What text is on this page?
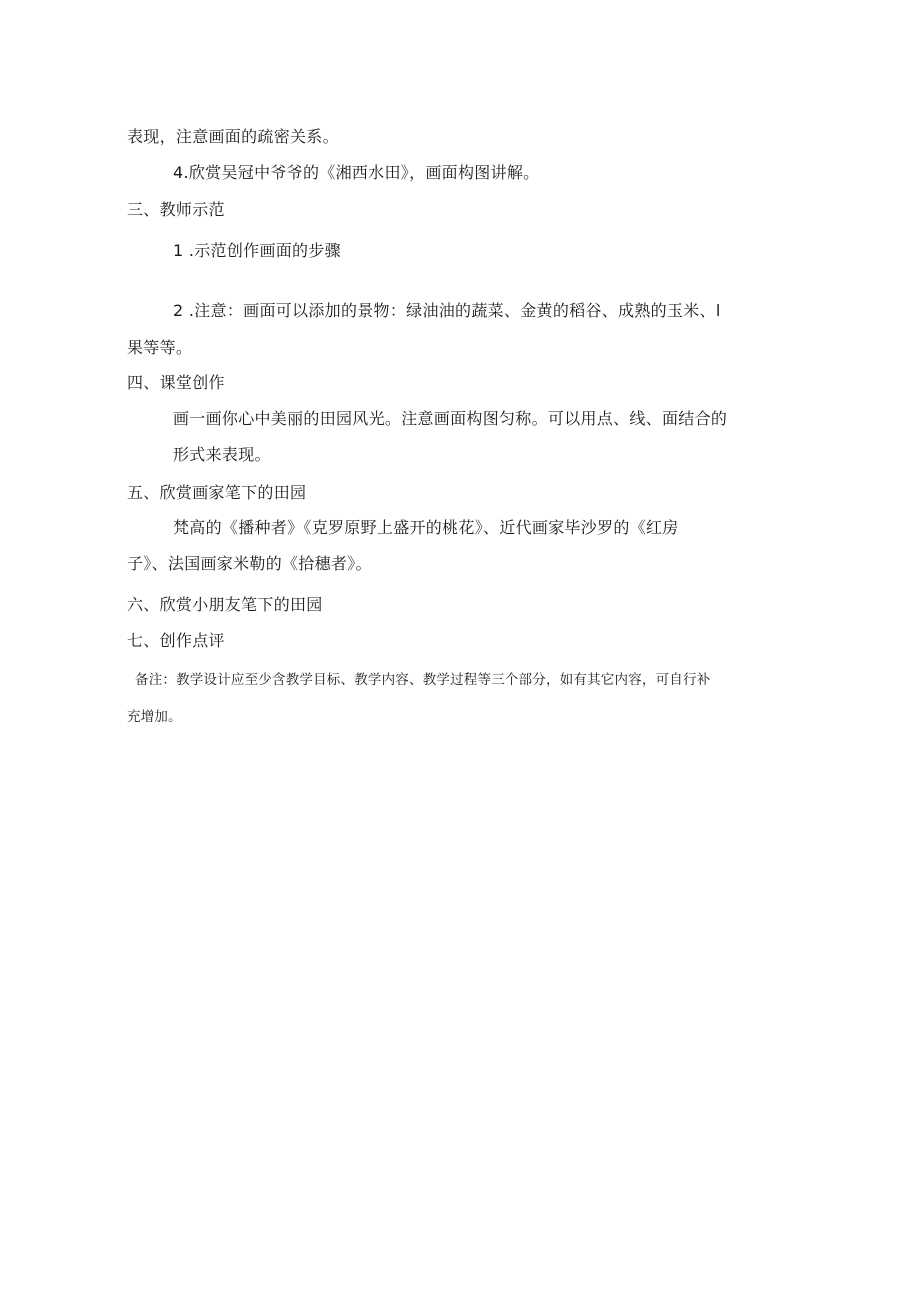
表现，注意画面的疏密关系。
4.欣赏吴冠中爷爷的《湘西水田》，画面构图讲解。
三、教师示范
1 .示范创作画面的步骤
2 .注意：画面可以添加的景物：绿油油的蔬菜、金黄的稻谷、成熟的玉米、l
果等等。
四、课堂创作
画一画你心中美丽的田园风光。注意画面构图匀称。可以用点、线、面结合的
形式来表现。
五、欣赏画家笔下的田园
梵高的《播种者》《克罗原野上盛开的桃花》、近代画家毕沙罗的《红房
子》、法国画家米勒的《拾穗者》。
六、欣赏小朋友笔下的田园
七、创作点评
备注：教学设计应至少含教学目标、教学内容、教学过程等三个部分，如有其它内容，可自行补
充增加。
